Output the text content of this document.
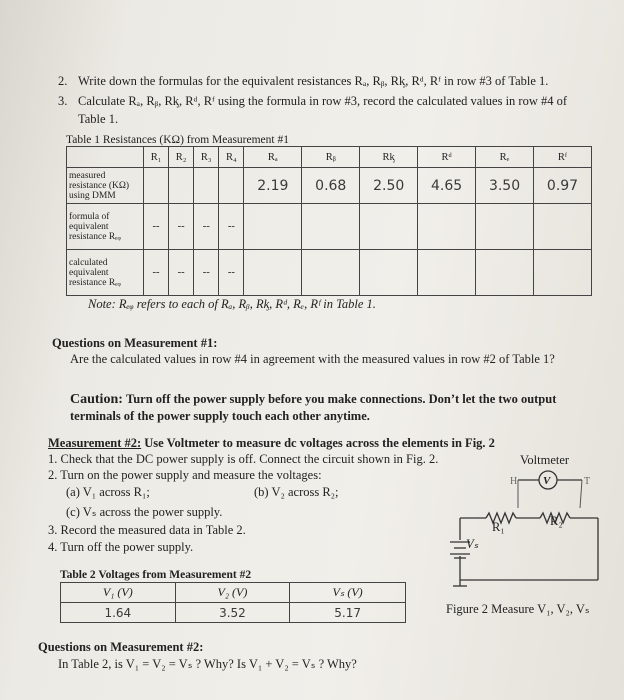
2. Write down the formulas for the equivalent resistances Rₐ, Rᵦ, Rᶄ, Rᵈ, Rᶠ in row #3 of Table 1.
3. Calculate Rₐ, Rᵦ, Rᶄ, Rᵈ, Rᶠ using the formula in row #3, record the calculated values in row #4 of
Table 1.
Table 1 Resistances (KΩ) from Measurement #1
	R₁	R₂	R₃	R₄	Rₐ	Rᵦ	Rᶄ	Rᵈ	Rₑ	Rᶠ
measured resistance (KΩ) using DMM					2.19	0.68	2.50	4.65	3.50	0.97
formula of equivalent resistance Rₑᵩ	--	--	--	--						
calculated equivalent resistance Rₑᵩ	--	--	--	--						
Note: Rₑᵩ refers to each of Rₐ, Rᵦ, Rᶄ, Rᵈ, Rₑ, Rᶠ in Table 1.
Questions on Measurement #1:
Are the calculated values in row #4 in agreement with the measured values in row #2 of Table 1?
Caution: Turn off the power supply before you make connections. Don’t let the two output
terminals of the power supply touch each other anytime.
Measurement #2: Use Voltmeter to measure dc voltages across the elements in Fig. 2
1. Check that the DC power supply is off. Connect the circuit shown in Fig. 2.
2. Turn on the power supply and measure the voltages:
(a) V₁ across R₁;	(b) V₂ across R₂;
(c) Vₛ across the power supply.
3. Record the measured data in Table 2.
4. Turn off the power supply.
Voltmeter
V
H	T
R₁	R₂
Vₛ
Figure 2 Measure V₁, V₂, Vₛ
Table 2 Voltages from Measurement #2
V₁ (V)	V₂ (V)	Vₛ (V)
1.64	3.52	5.17
Questions on Measurement #2:
In Table 2, is V₁ = V₂ = Vₛ ? Why? Is V₁ + V₂ = Vₛ ? Why?
